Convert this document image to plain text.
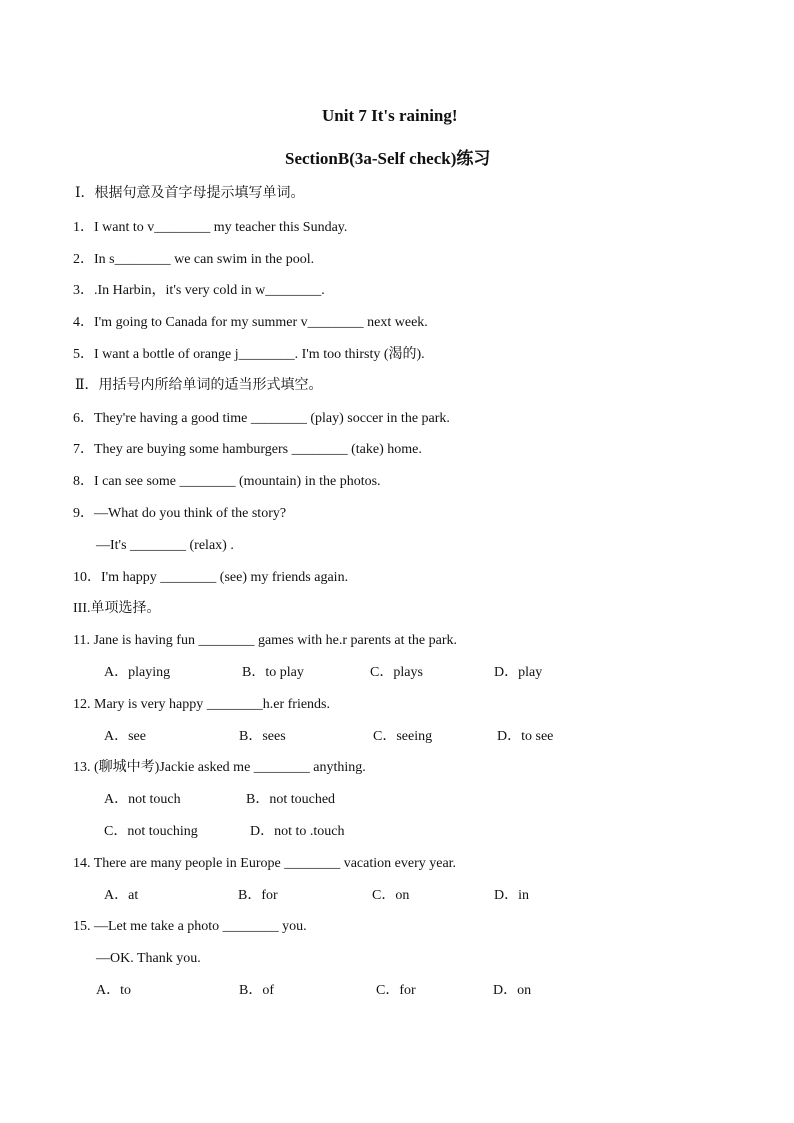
Unit 7 It's raining!
SectionB(3a-Self check)练习
Ⅰ．根据句意及首字母提示填写单词。
1．I want to v________ my teacher this Sunday.
2．In s________ we can swim in the pool.
3．.In Harbin，it's very cold in w________.
4．I'm going to Canada for my summer v________ next week.
5．I want a bottle of orange j________. I'm too thirsty (渴的).
Ⅱ．用括号内所给单词的适当形式填空。
6．They're having a good time ________ (play) soccer in the park.
7．They are buying some hamburgers ________ (take) home.
8．I can see some ________ (mountain) in the photos.
9．—What do you think of the story?
—It's ________ (relax) .
10．I'm happy ________ (see) my friends again.
III.单项选择。
11. Jane is having fun ________ games with he.r parents at the park.
A．playing	B．to play	C．plays	D．play
12. Mary is very happy ________h.er friends.
A．see	B．sees	C．seeing	D．to see
13. (聊城中考)Jackie asked me ________ anything.
A．not touch	B．not touched
C．not touching	D．not to .touch
14. There are many people in Europe ________ vacation every year.
A．at	B．for	C．on	D．in
15. —Let me take a photo ________ you.
—OK. Thank you.
A．to	B．of	C．for	D．on
